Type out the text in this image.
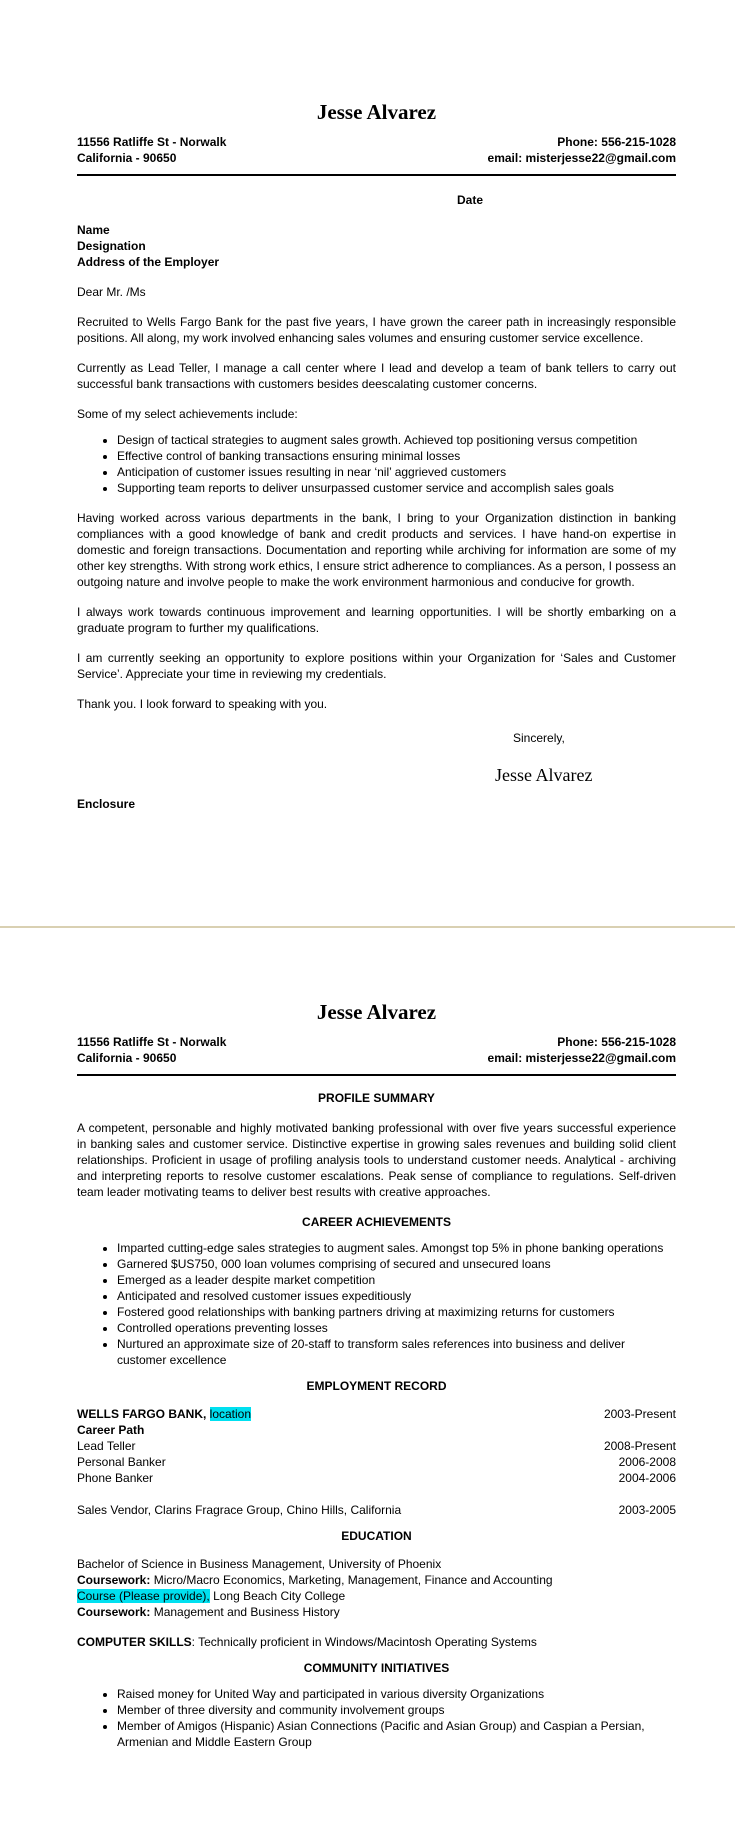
Jesse Alvarez
11556 Ratliffe St - Norwalk
California - 90650
Phone: 556-215-1028
email: misterjesse22@gmail.com
Date
Name
Designation
Address of the Employer
Dear Mr. /Ms
Recruited to Wells Fargo Bank for the past five years, I have grown the career path in increasingly responsible positions. All along, my work involved enhancing sales volumes and ensuring customer service excellence.
Currently as Lead Teller, I manage a call center where I lead and develop a team of bank tellers to carry out successful bank transactions with customers besides deescalating customer concerns.
Some of my select achievements include:
• Design of tactical strategies to augment sales growth. Achieved top positioning versus competition
• Effective control of banking transactions ensuring minimal losses
• Anticipation of customer issues resulting in near ‘nil’ aggrieved customers
• Supporting team reports to deliver unsurpassed customer service and accomplish sales goals
Having worked across various departments in the bank, I bring to your Organization distinction in banking compliances with a good knowledge of bank and credit products and services. I have hand-on expertise in domestic and foreign transactions. Documentation and reporting while archiving for information are some of my other key strengths. With strong work ethics, I ensure strict adherence to compliances. As a person, I possess an outgoing nature and involve people to make the work environment harmonious and conducive for growth.
I always work towards continuous improvement and learning opportunities. I will be shortly embarking on a graduate program to further my qualifications.
I am currently seeking an opportunity to explore positions within your Organization for ‘Sales and Customer Service’. Appreciate your time in reviewing my credentials.
Thank you. I look forward to speaking with you.
Sincerely,
Jesse Alvarez
Enclosure
Jesse Alvarez
11556 Ratliffe St - Norwalk
California - 90650
Phone: 556-215-1028
email: misterjesse22@gmail.com
PROFILE SUMMARY
A competent, personable and highly motivated banking professional with over five years successful experience in banking sales and customer service. Distinctive expertise in growing sales revenues and building solid client relationships. Proficient in usage of profiling analysis tools to understand customer needs. Analytical - archiving and interpreting reports to resolve customer escalations. Peak sense of compliance to regulations. Self-driven team leader motivating teams to deliver best results with creative approaches.
CAREER ACHIEVEMENTS
• Imparted cutting-edge sales strategies to augment sales. Amongst top 5% in phone banking operations
• Garnered $US750, 000 loan volumes comprising of secured and unsecured loans
• Emerged as a leader despite market competition
• Anticipated and resolved customer issues expeditiously
• Fostered good relationships with banking partners driving at maximizing returns for customers
• Controlled operations preventing losses
• Nurtured an approximate size of 20-staff to transform sales references into business and deliver customer excellence
EMPLOYMENT RECORD
WELLS FARGO BANK, location	2003-Present
Career Path
Lead Teller	2008-Present
Personal Banker	2006-2008
Phone Banker	2004-2006
Sales Vendor, Clarins Fragrace Group, Chino Hills, California	2003-2005
EDUCATION
Bachelor of Science in Business Management, University of Phoenix
Coursework: Micro/Macro Economics, Marketing, Management, Finance and Accounting
Course (Please provide), Long Beach City College
Coursework: Management and Business History
COMPUTER SKILLS: Technically proficient in Windows/Macintosh Operating Systems
COMMUNITY INITIATIVES
• Raised money for United Way and participated in various diversity Organizations
• Member of three diversity and community involvement groups
• Member of Amigos (Hispanic) Asian Connections (Pacific and Asian Group) and Caspian a Persian, Armenian and Middle Eastern Group
